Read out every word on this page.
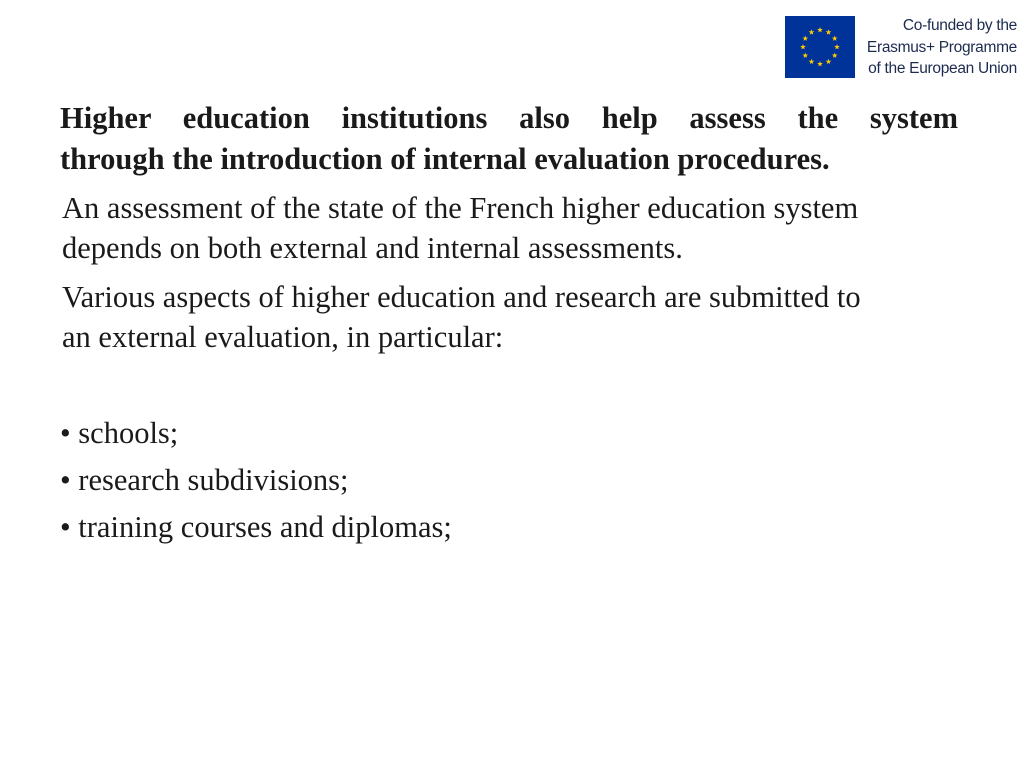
Co-funded by the
Erasmus+ Programme
of the European Union
Higher education institutions also help assess the system
through the introduction of internal evaluation procedures.

An assessment of the state of the French higher education system
depends on both external and internal assessments.

Various aspects of higher education and research are submitted to
an external evaluation, in particular:

• schools;
• research subdivisions;
• training courses and diplomas;
